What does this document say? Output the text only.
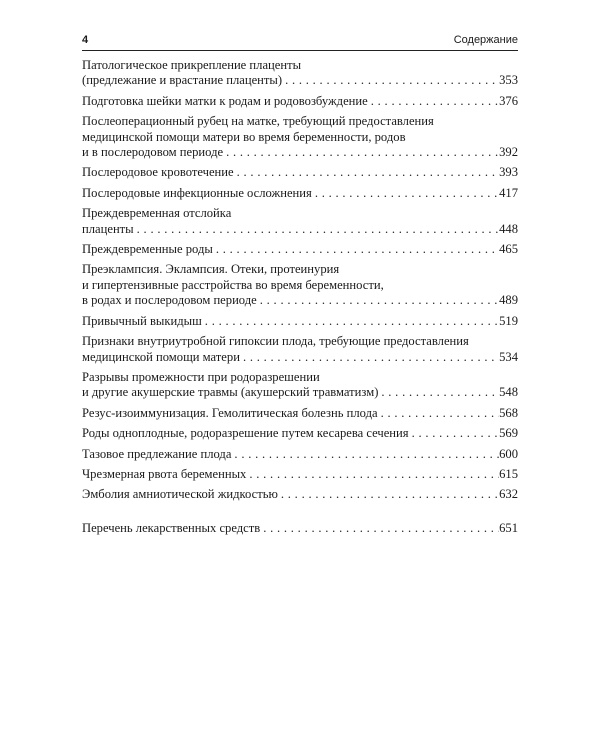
4	Содержание
Патологическое прикрепление плаценты
(предлежание и врастание плаценты) . . .	353
Подготовка шейки матки к родам и родовозбуждение . . .	376
Послеоперационный рубец на матке, требующий предоставления
медицинской помощи матери во время беременности, родов
и в послеродовом периоде . . .	392
Послеродовое кровотечение . . .	393
Послеродовые инфекционные осложнения . . .	417
Преждевременная отслойка
плаценты . . .	448
Преждевременные роды . . .	465
Преэклампсия. Эклампсия. Отеки, протеинурия
и гипертензивные расстройства во время беременности,
в родах и послеродовом периоде . . .	489
Привычный выкидыш . . .	519
Признаки внутриутробной гипоксии плода, требующие предоставления
медицинской помощи матери . . .	534
Разрывы промежности при родоразрешении
и другие акушерские травмы (акушерский травматизм) . . .	548
Резус-изоиммунизация. Гемолитическая болезнь плода . . .	568
Роды одноплодные, родоразрешение путем кесарева сечения . . .	569
Тазовое предлежание плода . . .	600
Чрезмерная рвота беременных . . .	615
Эмболия амниотической жидкостью . . .	632
Перечень лекарственных средств . . .	651
